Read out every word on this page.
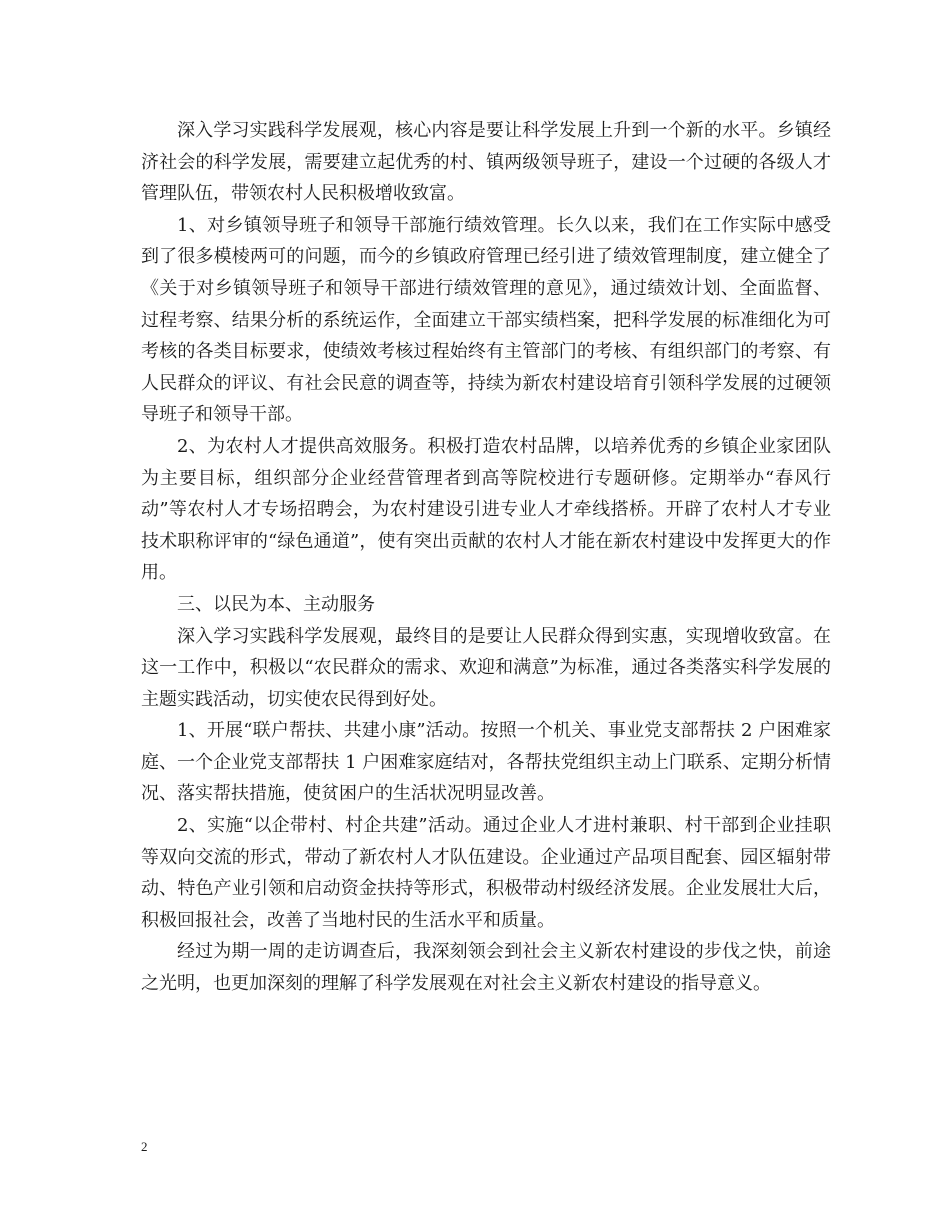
深入学习实践科学发展观，核心内容是要让科学发展上升到一个新的水平。乡镇经济社会的科学发展，需要建立起优秀的村、镇两级领导班子，建设一个过硬的各级人才管理队伍，带领农村人民积极增收致富。

1、对乡镇领导班子和领导干部施行绩效管理。长久以来，我们在工作实际中感受到了很多模棱两可的问题，而今的乡镇政府管理已经引进了绩效管理制度，建立健全了《关于对乡镇领导班子和领导干部进行绩效管理的意见》，通过绩效计划、全面监督、过程考察、结果分析的系统运作，全面建立干部实绩档案，把科学发展的标准细化为可考核的各类目标要求，使绩效考核过程始终有主管部门的考核、有组织部门的考察、有人民群众的评议、有社会民意的调查等，持续为新农村建设培育引领科学发展的过硬领导班子和领导干部。

2、为农村人才提供高效服务。积极打造农村品牌，以培养优秀的乡镇企业家团队为主要目标，组织部分企业经营管理者到高等院校进行专题研修。定期举办“春风行动”等农村人才专场招聘会，为农村建设引进专业人才牵线搭桥。开辟了农村人才专业技术职称评审的“绿色通道”，使有突出贡献的农村人才能在新农村建设中发挥更大的作用。

三、以民为本、主动服务

深入学习实践科学发展观，最终目的是要让人民群众得到实惠，实现增收致富。在这一工作中，积极以“农民群众的需求、欢迎和满意”为标准，通过各类落实科学发展的主题实践活动，切实使农民得到好处。

1、开展“联户帮扶、共建小康”活动。按照一个机关、事业党支部帮扶 2 户困难家庭、一个企业党支部帮扶 1 户困难家庭结对，各帮扶党组织主动上门联系、定期分析情况、落实帮扶措施，使贫困户的生活状况明显改善。

2、实施“以企带村、村企共建”活动。通过企业人才进村兼职、村干部到企业挂职等双向交流的形式，带动了新农村人才队伍建设。企业通过产品项目配套、园区辐射带动、特色产业引领和启动资金扶持等形式，积极带动村级经济发展。企业发展壮大后，积极回报社会，改善了当地村民的生活水平和质量。

经过为期一周的走访调查后，我深刻领会到社会主义新农村建设的步伐之快，前途之光明，也更加深刻的理解了科学发展观在对社会主义新农村建设的指导意义。

2
